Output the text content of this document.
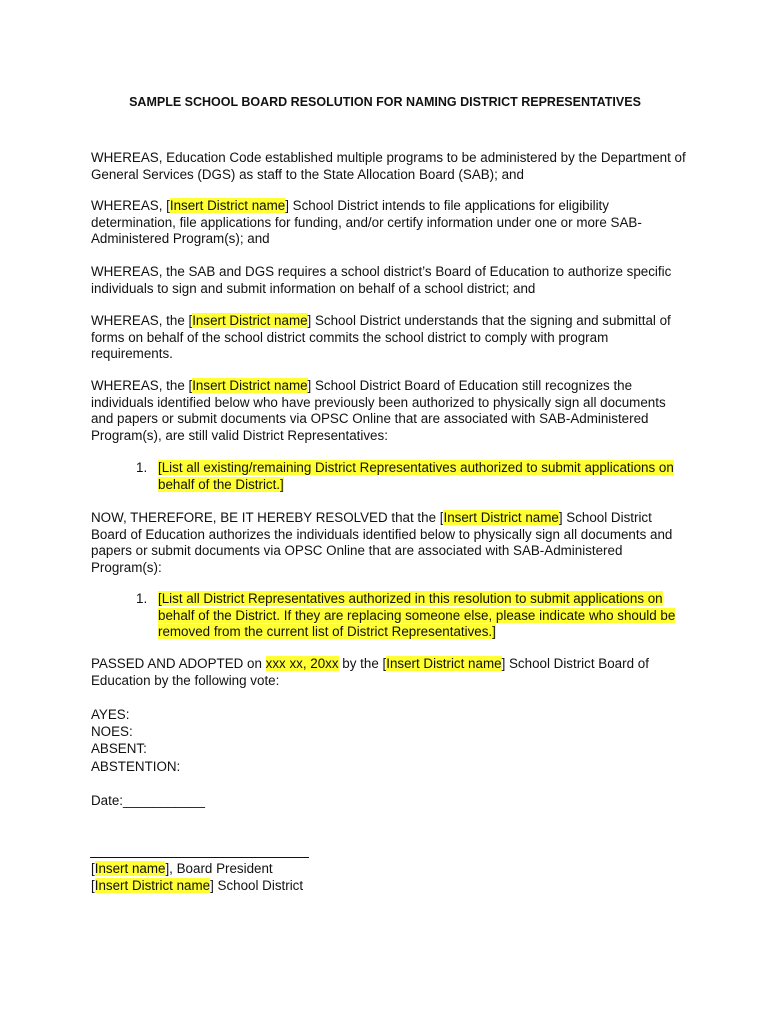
SAMPLE SCHOOL BOARD RESOLUTION FOR NAMING DISTRICT REPRESENTATIVES

WHEREAS, Education Code established multiple programs to be administered by the Department of General Services (DGS) as staff to the State Allocation Board (SAB); and

WHEREAS, [Insert District name] School District intends to file applications for eligibility determination, file applications for funding, and/or certify information under one or more SAB-Administered Program(s); and

WHEREAS, the SAB and DGS requires a school district’s Board of Education to authorize specific individuals to sign and submit information on behalf of a school district; and

WHEREAS, the [Insert District name] School District understands that the signing and submittal of forms on behalf of the school district commits the school district to comply with program requirements.

WHEREAS, the [Insert District name] School District Board of Education still recognizes the individuals identified below who have previously been authorized to physically sign all documents and papers or submit documents via OPSC Online that are associated with SAB-Administered Program(s), are still valid District Representatives:

1. [List all existing/remaining District Representatives authorized to submit applications on behalf of the District.]

NOW, THEREFORE, BE IT HEREBY RESOLVED that the [Insert District name] School District Board of Education authorizes the individuals identified below to physically sign all documents and papers or submit documents via OPSC Online that are associated with SAB-Administered Program(s):

1. [List all District Representatives authorized in this resolution to submit applications on behalf of the District. If they are replacing someone else, please indicate who should be removed from the current list of District Representatives.]

PASSED AND ADOPTED on xxx xx, 20xx by the [Insert District name] School District Board of Education by the following vote:

AYES:

NOES:

ABSENT:

ABSTENTION:

Date:___________

[Insert name], Board President

[Insert District name] School District
